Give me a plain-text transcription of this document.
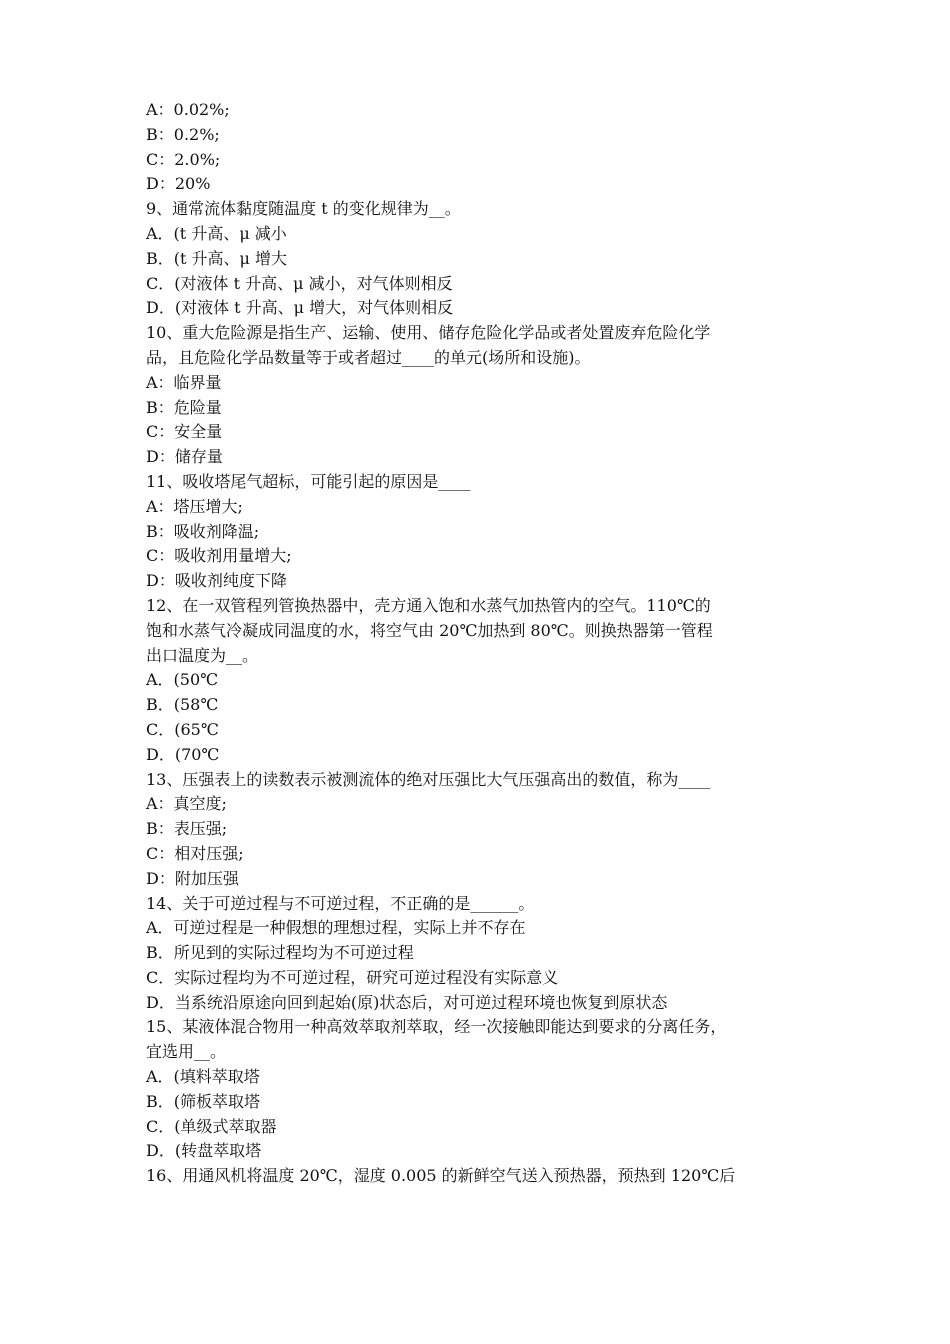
A：0.02%;
B：0.2%;
C：2.0%;
D：20%
9、通常流体黏度随温度 t 的变化规律为__。
A．(t 升高、μ 减小
B．(t 升高、μ 增大
C．(对液体 t 升高、μ 减小，对气体则相反
D．(对液体 t 升高、μ 增大，对气体则相反
10、重大危险源是指生产、运输、使用、储存危险化学品或者处置废弃危险化学
品，且危险化学品数量等于或者超过____的单元(场所和设施)。
A：临界量
B：危险量
C：安全量
D：储存量
11、吸收塔尾气超标，可能引起的原因是____
A：塔压增大;
B：吸收剂降温;
C：吸收剂用量增大;
D：吸收剂纯度下降
12、在一双管程列管换热器中，壳方通入饱和水蒸气加热管内的空气。110℃的
饱和水蒸气冷凝成同温度的水，将空气由 20℃加热到 80℃。则换热器第一管程
出口温度为__。
A．(50℃
B．(58℃
C．(65℃
D．(70℃
13、压强表上的读数表示被测流体的绝对压强比大气压强高出的数值，称为____
A：真空度;
B：表压强;
C：相对压强;
D：附加压强
14、关于可逆过程与不可逆过程，不正确的是______。
A．可逆过程是一种假想的理想过程，实际上并不存在
B．所见到的实际过程均为不可逆过程
C．实际过程均为不可逆过程，研究可逆过程没有实际意义
D．当系统沿原途向回到起始(原)状态后，对可逆过程环境也恢复到原状态
15、某液体混合物用一种高效萃取剂萃取，经一次接触即能达到要求的分离任务，
宜选用__。
A．(填料萃取塔
B．(筛板萃取塔
C．(单级式萃取器
D．(转盘萃取塔
16、用通风机将温度 20℃，湿度 0.005 的新鲜空气送入预热器，预热到 120℃后
